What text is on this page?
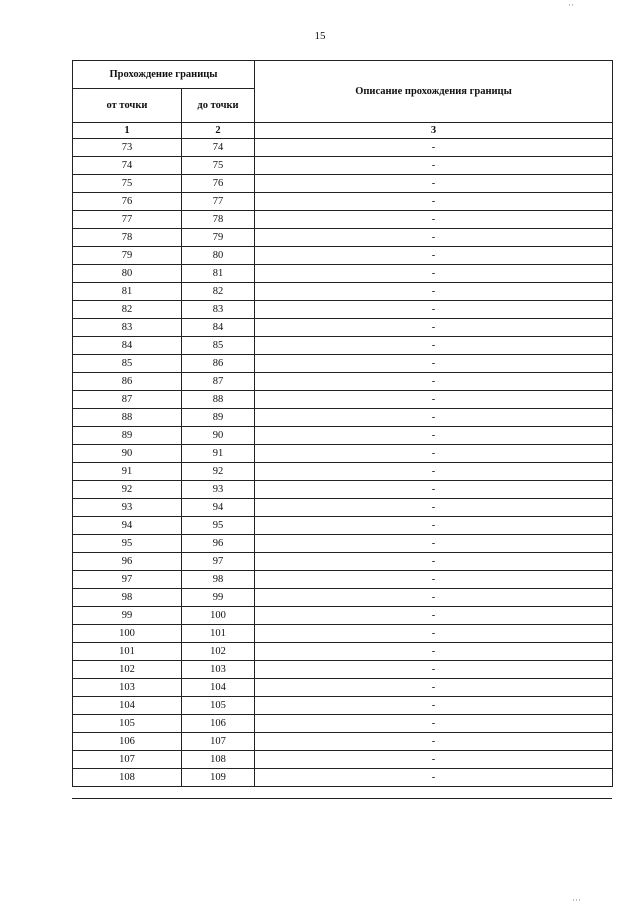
··
15
Прохождение границы		Описание прохождения границы
от точки	до точки	
1	2	3
73	74	-
74	75	-
75	76	-
76	77	-
77	78	-
78	79	-
79	80	-
80	81	-
81	82	-
82	83	-
83	84	-
84	85	-
85	86	-
86	87	-
87	88	-
88	89	-
89	90	-
90	91	-
91	92	-
92	93	-
93	94	-
94	95	-
95	96	-
96	97	-
97	98	-
98	99	-
99	100	-
100	101	-
101	102	-
102	103	-
103	104	-
104	105	-
105	106	-
106	107	-
107	108	-
108	109	-
···
